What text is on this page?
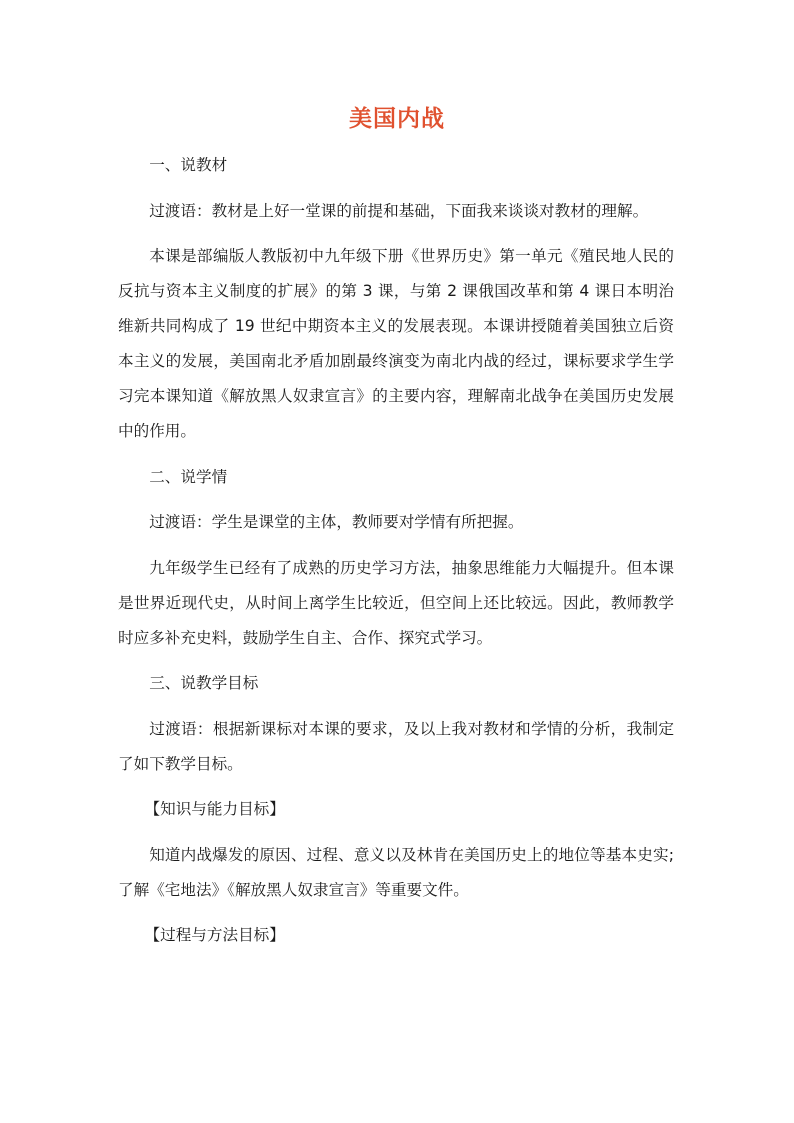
美国内战

一、说教材

过渡语：教材是上好一堂课的前提和基础，下面我来谈谈对教材的理解。

本课是部编版人教版初中九年级下册《世界历史》第一单元《殖民地人民的反抗与资本主义制度的扩展》的第 3 课，与第 2 课俄国改革和第 4 课日本明治维新共同构成了 19 世纪中期资本主义的发展表现。本课讲授随着美国独立后资本主义的发展，美国南北矛盾加剧最终演变为南北内战的经过，课标要求学生学习完本课知道《解放黑人奴隶宣言》的主要内容，理解南北战争在美国历史发展中的作用。

二、说学情

过渡语：学生是课堂的主体，教师要对学情有所把握。

九年级学生已经有了成熟的历史学习方法，抽象思维能力大幅提升。但本课是世界近现代史，从时间上离学生比较近，但空间上还比较远。因此，教师教学时应多补充史料，鼓励学生自主、合作、探究式学习。

三、说教学目标

过渡语：根据新课标对本课的要求，及以上我对教材和学情的分析，我制定了如下教学目标。

【知识与能力目标】

知道内战爆发的原因、过程、意义以及林肯在美国历史上的地位等基本史实;了解《宅地法》《解放黑人奴隶宣言》等重要文件。

【过程与方法目标】
